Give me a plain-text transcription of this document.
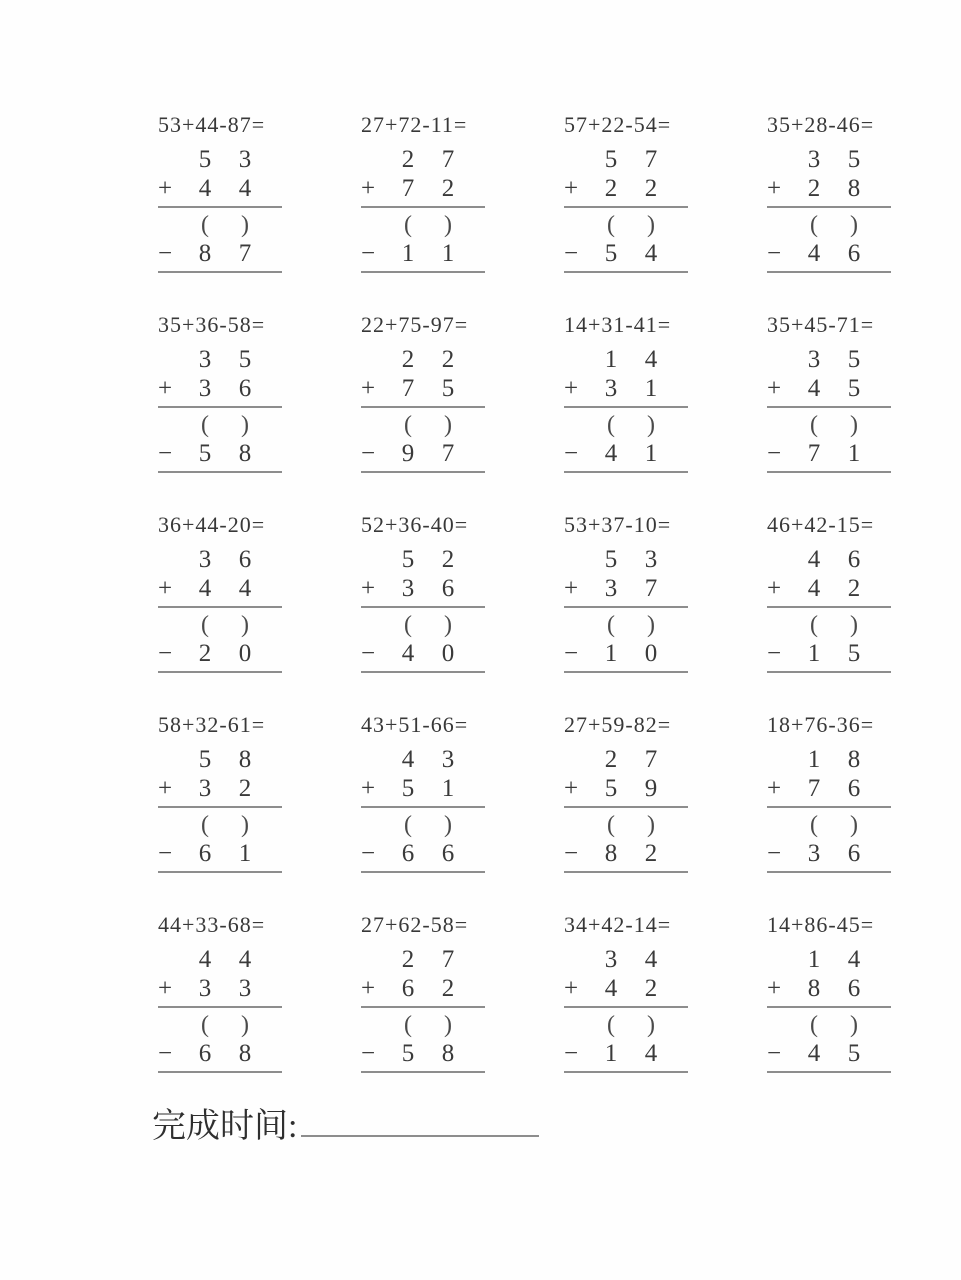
53+44-87=
5	3
+	4	4
(	)
−	8	7
27+72-11=
2	7
+	7	2
(	)
−	1	1
57+22-54=
5	7
+	2	2
(	)
−	5	4
35+28-46=
3	5
+	2	8
(	)
−	4	6
35+36-58=
3	5
+	3	6
(	)
−	5	8
22+75-97=
2	2
+	7	5
(	)
−	9	7
14+31-41=
1	4
+	3	1
(	)
−	4	1
35+45-71=
3	5
+	4	5
(	)
−	7	1
36+44-20=
3	6
+	4	4
(	)
−	2	0
52+36-40=
5	2
+	3	6
(	)
−	4	0
53+37-10=
5	3
+	3	7
(	)
−	1	0
46+42-15=
4	6
+	4	2
(	)
−	1	5
58+32-61=
5	8
+	3	2
(	)
−	6	1
43+51-66=
4	3
+	5	1
(	)
−	6	6
27+59-82=
2	7
+	5	9
(	)
−	8	2
18+76-36=
1	8
+	7	6
(	)
−	3	6
44+33-68=
4	4
+	3	3
(	)
−	6	8
27+62-58=
2	7
+	6	2
(	)
−	5	8
34+42-14=
3	4
+	4	2
(	)
−	1	4
14+86-45=
1	4
+	8	6
(	)
−	4	5
完成时间:
